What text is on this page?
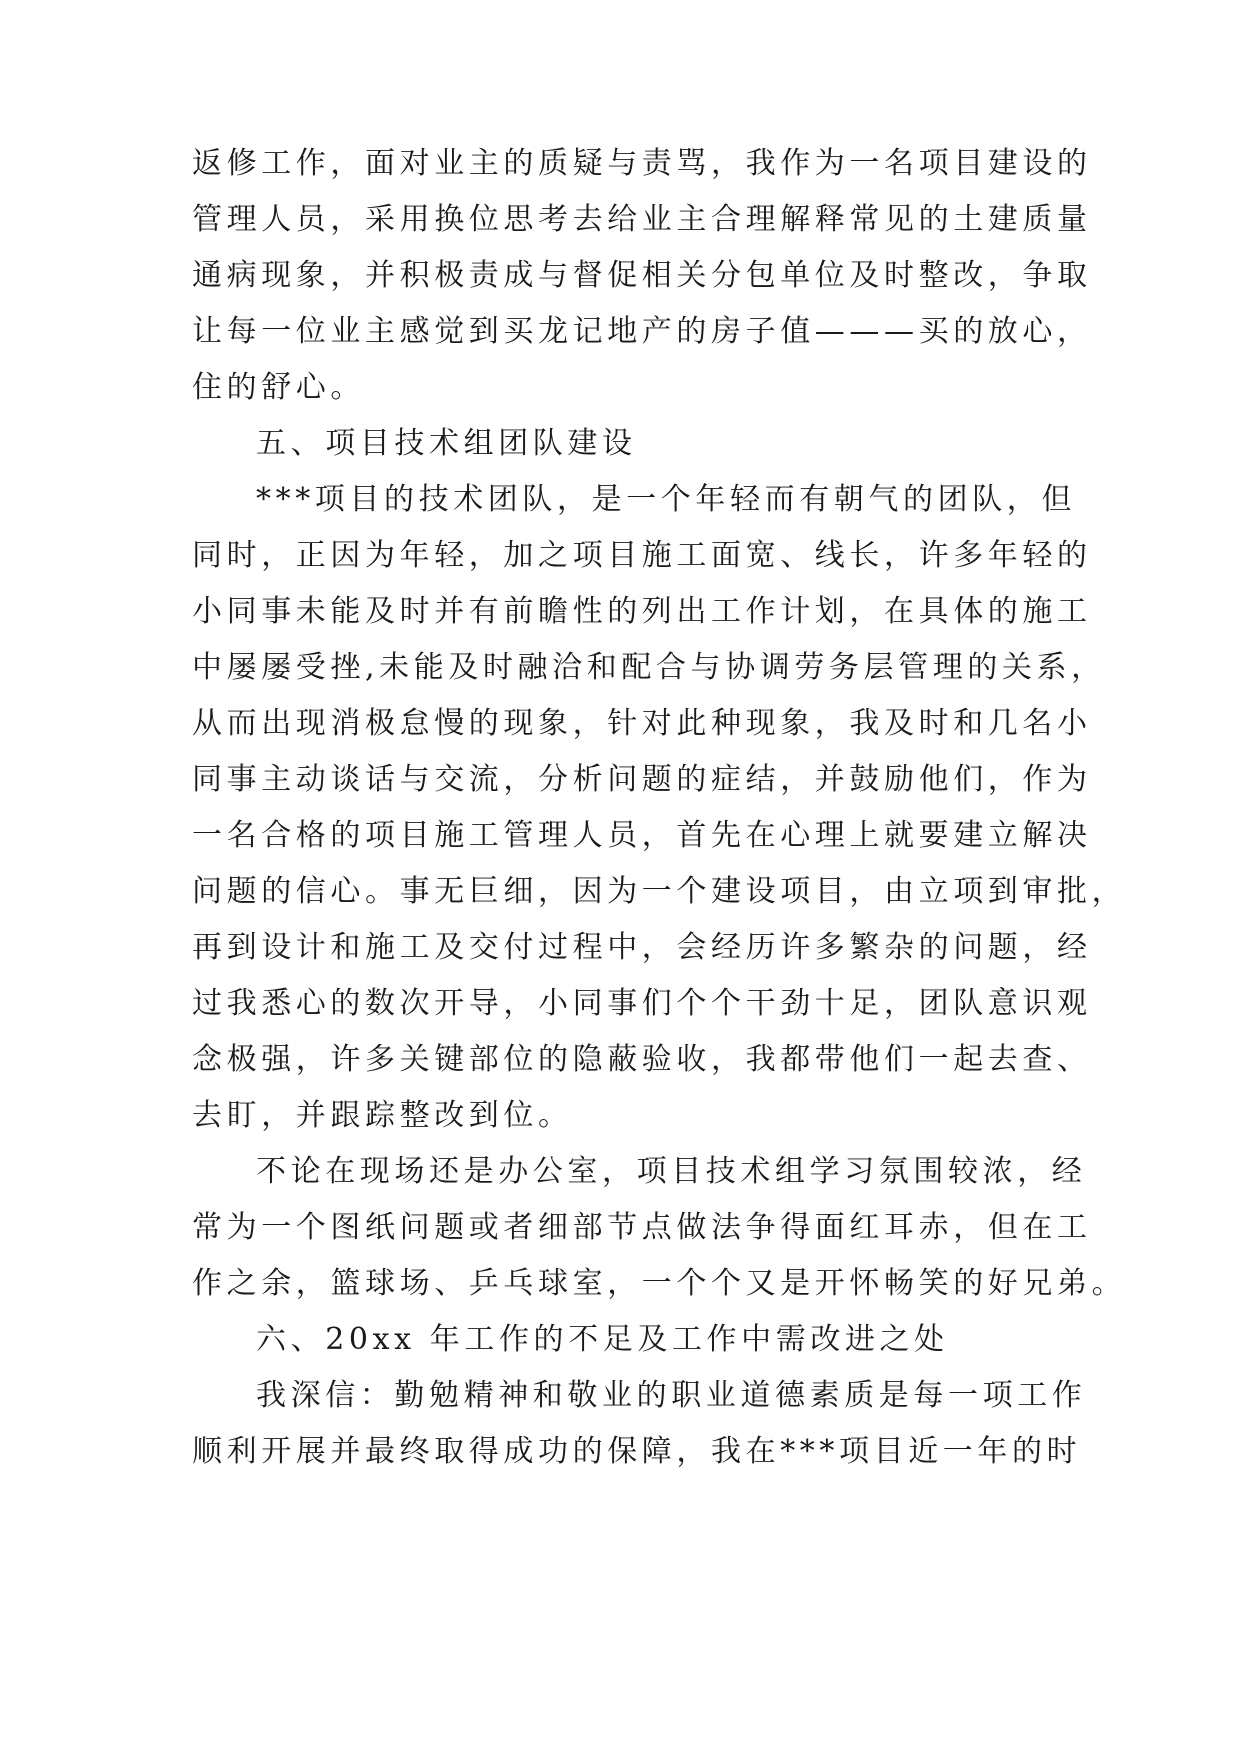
返修工作，面对业主的质疑与责骂，我作为一名项目建设的
管理人员，采用换位思考去给业主合理解释常见的土建质量
通病现象，并积极责成与督促相关分包单位及时整改，争取
让每一位业主感觉到买龙记地产的房子值———买的放心，
住的舒心。
五、项目技术组团队建设
***项目的技术团队，是一个年轻而有朝气的团队，但
同时，正因为年轻，加之项目施工面宽、线长，许多年轻的
小同事未能及时并有前瞻性的列出工作计划，在具体的施工
中屡屡受挫,未能及时融洽和配合与协调劳务层管理的关系，
从而出现消极怠慢的现象，针对此种现象，我及时和几名小
同事主动谈话与交流，分析问题的症结，并鼓励他们，作为
一名合格的项目施工管理人员，首先在心理上就要建立解决
问题的信心。事无巨细，因为一个建设项目，由立项到审批，
再到设计和施工及交付过程中，会经历许多繁杂的问题，经
过我悉心的数次开导，小同事们个个干劲十足，团队意识观
念极强，许多关键部位的隐蔽验收，我都带他们一起去查、
去盯，并跟踪整改到位。
不论在现场还是办公室，项目技术组学习氛围较浓，经
常为一个图纸问题或者细部节点做法争得面红耳赤，但在工
作之余，篮球场、乒乓球室，一个个又是开怀畅笑的好兄弟。
六、20xx 年工作的不足及工作中需改进之处
我深信：勤勉精神和敬业的职业道德素质是每一项工作
顺利开展并最终取得成功的保障，我在***项目近一年的时
